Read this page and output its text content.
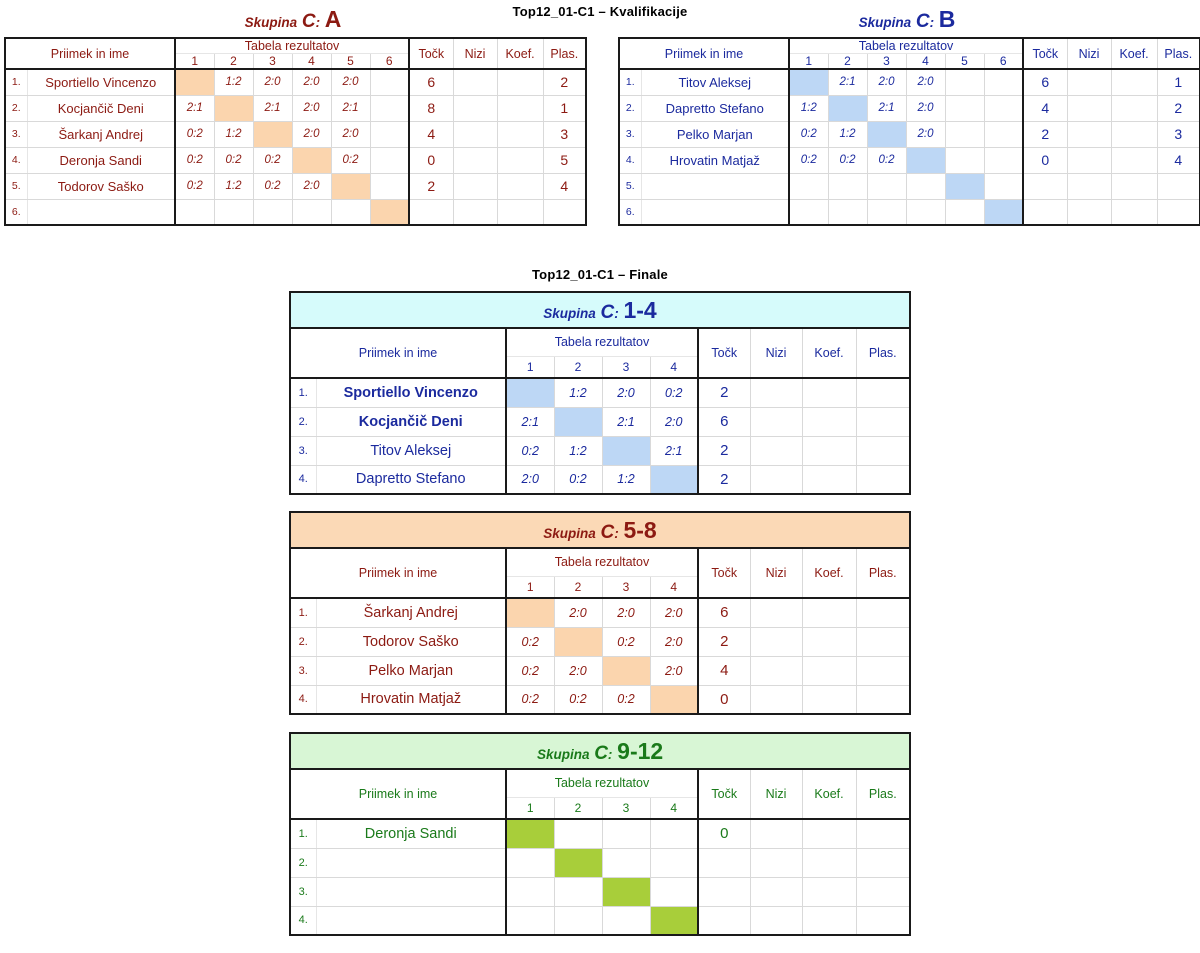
Top12_01-C1 – Kvalifikacije
Skupina C: A
Priimek in ime		Tabela rezultatov						Točk	Nizi	Koef.	Plas.
		1	2	3	4	5	6				
1.	Sportiello Vincenzo		1:2	2:0	2:0	2:0		6			2
2.	Kocjančič Deni	2:1		2:1	2:0	2:1		8			1
3.	Šarkanj Andrej	0:2	1:2		2:0	2:0		4			3
4.	Deronja Sandi	0:2	0:2	0:2		0:2		0			5
5.	Todorov Saško	0:2	1:2	0:2	2:0			2			4
6.											
Skupina C: B
Priimek in ime		Tabela rezultatov						Točk	Nizi	Koef.	Plas.
		1	2	3	4	5	6				
1.	Titov Aleksej		2:1	2:0	2:0			6			1
2.	Dapretto Stefano	1:2		2:1	2:0			4			2
3.	Pelko Marjan	0:2	1:2		2:0			2			3
4.	Hrovatin Matjaž	0:2	0:2	0:2				0			4
5.											
6.											
Top12_01-C1 – Finale
Skupina C: 1-4									

Priimek in ime		Tabela rezultatov				Točk	Nizi	Koef.	Plas.
		1	2	3	4				
1.	Sportiello Vincenzo		1:2	2:0	0:2	2			
2.	Kocjančič Deni	2:1		2:1	2:0	6			
3.	Titov Aleksej	0:2	1:2		2:1	2			
4.	Dapretto Stefano	2:0	0:2	1:2		2			
Skupina C: 5-8									

Priimek in ime		Tabela rezultatov				Točk	Nizi	Koef.	Plas.
		1	2	3	4				
1.	Šarkanj Andrej		2:0	2:0	2:0	6			
2.	Todorov Saško	0:2		0:2	2:0	2			
3.	Pelko Marjan	0:2	2:0		2:0	4			
4.	Hrovatin Matjaž	0:2	0:2	0:2		0			
Skupina C: 9-12									

Priimek in ime		Tabela rezultatov				Točk	Nizi	Koef.	Plas.
		1	2	3	4				
1.	Deronja Sandi					0			
2.									
3.									
4.									
